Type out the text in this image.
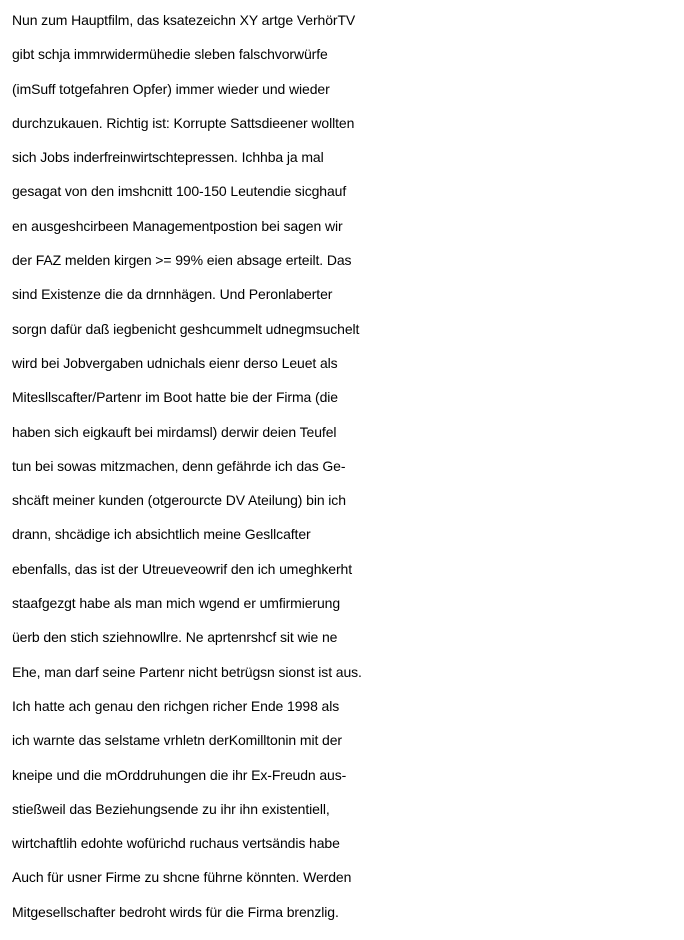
Nun zum Hauptfilm, das ksatezeichn XY artge VerhörTV
gibt schja immrwidermühedie sleben falschvorwürfe
(imSuff totgefahren Opfer) immer wieder und wieder
durchzukauen. Richtig ist: Korrupte Sattsdieener wollten
sich Jobs inderfreinwirtschtepressen. Ichhba ja mal
gesagat von den imshcnitt 100-150 Leutendie sicghauf
en ausgeshcirbeen Managementpostion bei sagen wir
der FAZ melden kirgen >= 99% eien absage erteilt. Das
sind Existenze die da drnnhägen. Und Peronlaberter
sorgn dafür daß iegbenicht geshcummelt udnegmsuchelt
wird bei Jobvergaben udnichals eienr derso Leuet als
Mitesllscafter/Partenr im Boot hatte bie der Firma (die
haben sich eigkauft bei mirdamsl) derwir deien Teufel
tun bei sowas mitzmachen, denn gefährde ich das Ge-
shcäft meiner kunden (otgerourcte DV Ateilung) bin ich
drann, shcädige ich absichtlich meine Gesllcafter
ebenfalls, das ist der Utreueveowrif den ich umeghkerht
staafgezgt habe als man mich wgend er umfirmierung
üerb den stich sziehnowllre. Ne aprtenrshcf sit wie ne
Ehe, man darf seine Partenr nicht betrügsn sionst ist aus.
Ich hatte ach genau den richgen richer Ende 1998 als
ich warnte das selstame vrhletn derKomilltonin mit der
kneipe und die mOrddruhungen die ihr Ex-Freudn aus-
stießweil das Beziehungsende zu ihr ihn existentiell,
wirtchaftlih edohte wofürichd ruchaus vertsändis habe
Auch für usner Firme zu shcne führne könnten. Werden
Mitgesellschafter bedroht wirds für die Firma brenzlig.
